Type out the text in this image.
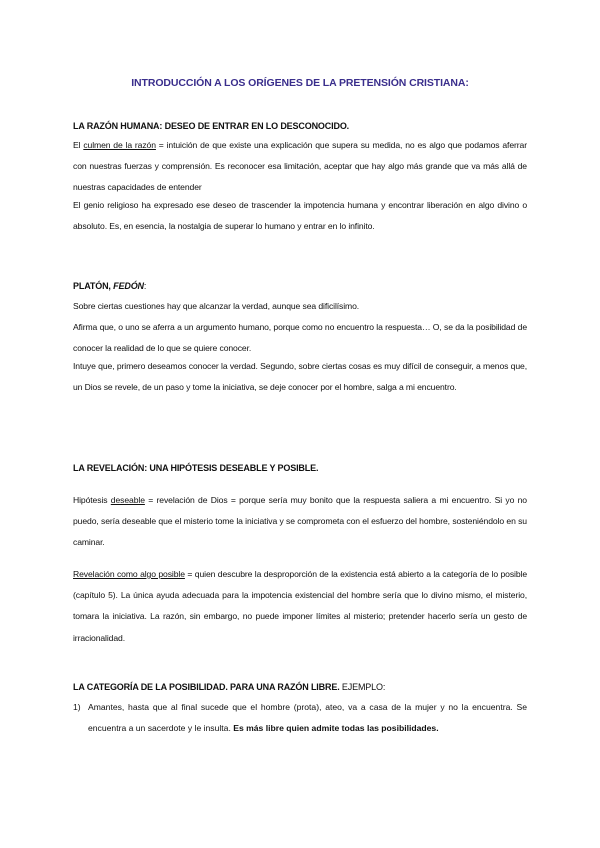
INTRODUCCIÓN A LOS ORÍGENES DE LA PRETENSIÓN CRISTIANA:
LA RAZÓN HUMANA: DESEO DE ENTRAR EN LO DESCONOCIDO.
El culmen de la razón = intuición de que existe una explicación que supera su medida, no es algo que podamos aferrar con nuestras fuerzas y comprensión. Es reconocer esa limitación, aceptar que hay algo más grande que va más allá de nuestras capacidades de entender
El genio religioso ha expresado ese deseo de trascender la impotencia humana y encontrar liberación en algo divino o absoluto. Es, en esencia, la nostalgia de superar lo humano y entrar en lo infinito.
PLATÓN, FEDÓN:
Sobre ciertas cuestiones hay que alcanzar la verdad, aunque sea dificilísimo.
Afirma que, o uno se aferra a un argumento humano, porque como no encuentro la respuesta… O, se da la posibilidad de conocer la realidad de lo que se quiere conocer.
Intuye que, primero deseamos conocer la verdad. Segundo, sobre ciertas cosas es muy difícil de conseguir, a menos que, un Dios se revele, de un paso y tome la iniciativa, se deje conocer por el hombre, salga a mi encuentro.
LA REVELACIÓN: UNA HIPÓTESIS DESEABLE Y POSIBLE.
Hipótesis deseable = revelación de Dios = porque sería muy bonito que la respuesta saliera a mi encuentro. Si yo no puedo, sería deseable que el misterio tome la iniciativa y se comprometa con el esfuerzo del hombre, sosteniéndolo en su caminar.
Revelación como algo posible = quien descubre la desproporción de la existencia está abierto a la categoría de lo posible (capítulo 5). La única ayuda adecuada para la impotencia existencial del hombre sería que lo divino mismo, el misterio, tomara la iniciativa. La razón, sin embargo, no puede imponer límites al misterio; pretender hacerlo sería un gesto de irracionalidad.
LA CATEGORÍA DE LA POSIBILIDAD. PARA UNA RAZÓN LIBRE. EJEMPLO:
1) Amantes, hasta que al final sucede que el hombre (prota), ateo, va a casa de la mujer y no la encuentra. Se encuentra a un sacerdote y le insulta. Es más libre quien admite todas las posibilidades.
